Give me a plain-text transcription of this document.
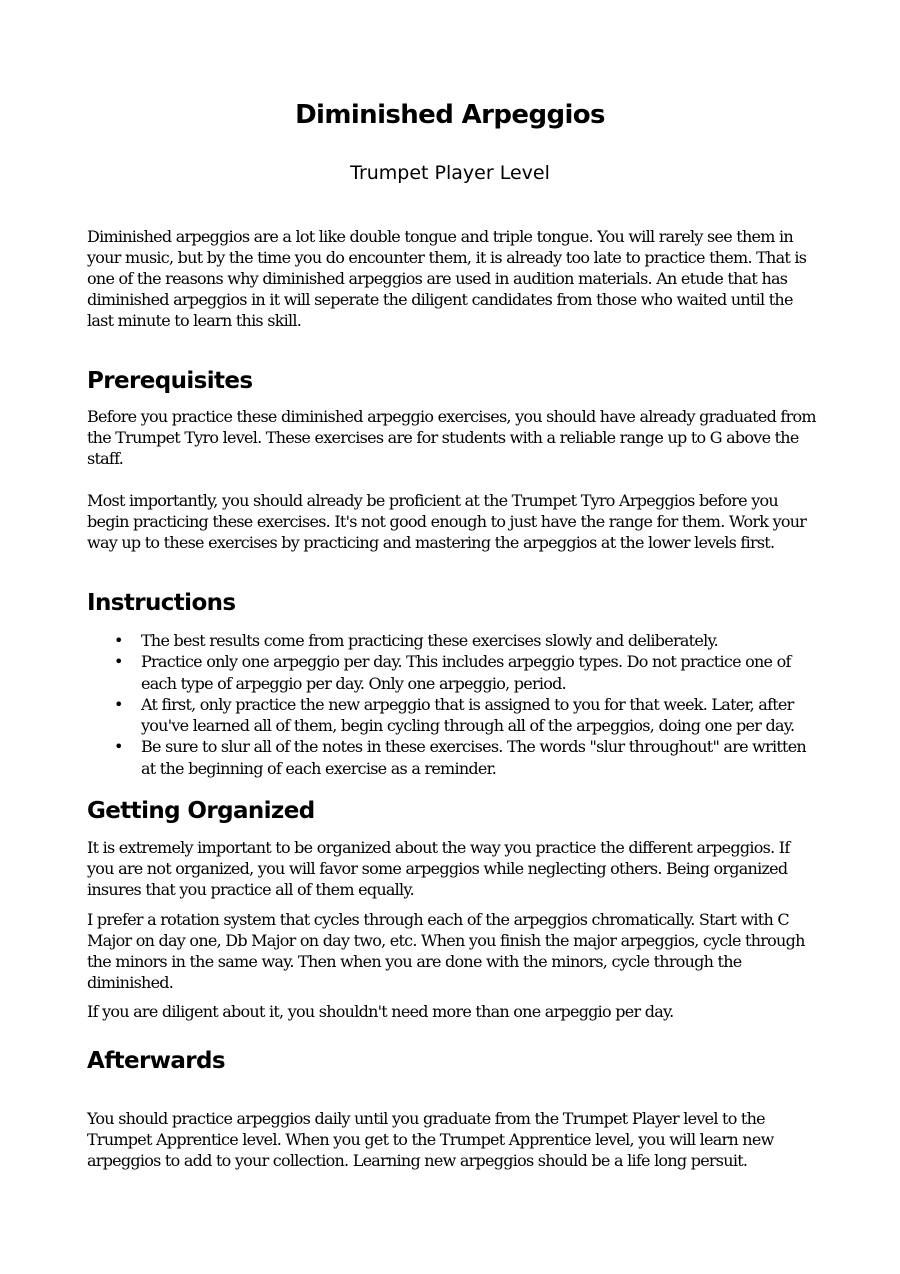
Diminished Arpeggios
Trumpet Player Level

Diminished arpeggios are a lot like double tongue and triple tongue. You will rarely see them in your music, but by the time you do encounter them, it is already too late to practice them. That is one of the reasons why diminished arpeggios are used in audition materials. An etude that has diminished arpeggios in it will seperate the diligent candidates from those who waited until the last minute to learn this skill.

Prerequisites

Before you practice these diminished arpeggio exercises, you should have already graduated from the Trumpet Tyro level. These exercises are for students with a reliable range up to G above the staff.

Most importantly, you should already be proficient at the Trumpet Tyro Arpeggios before you begin practicing these exercises. It's not good enough to just have the range for them. Work your way up to these exercises by practicing and mastering the arpeggios at the lower levels first.

Instructions
• The best results come from practicing these exercises slowly and deliberately.
• Practice only one arpeggio per day. This includes arpeggio types. Do not practice one of each type of arpeggio per day. Only one arpeggio, period.
• At first, only practice the new arpeggio that is assigned to you for that week. Later, after you've learned all of them, begin cycling through all of the arpeggios, doing one per day.
• Be sure to slur all of the notes in these exercises. The words "slur throughout" are written at the beginning of each exercise as a reminder.
Getting Organized

It is extremely important to be organized about the way you practice the different arpeggios. If you are not organized, you will favor some arpeggios while neglecting others. Being organized insures that you practice all of them equally.

I prefer a rotation system that cycles through each of the arpeggios chromatically. Start with C Major on day one, Db Major on day two, etc. When you finish the major arpeggios, cycle through the minors in the same way. Then when you are done with the minors, cycle through the diminished.

If you are diligent about it, you shouldn't need more than one arpeggio per day.

Afterwards

You should practice arpeggios daily until you graduate from the Trumpet Player level to the Trumpet Apprentice level. When you get to the Trumpet Apprentice level, you will learn new arpeggios to add to your collection. Learning new arpeggios should be a life long persuit.
